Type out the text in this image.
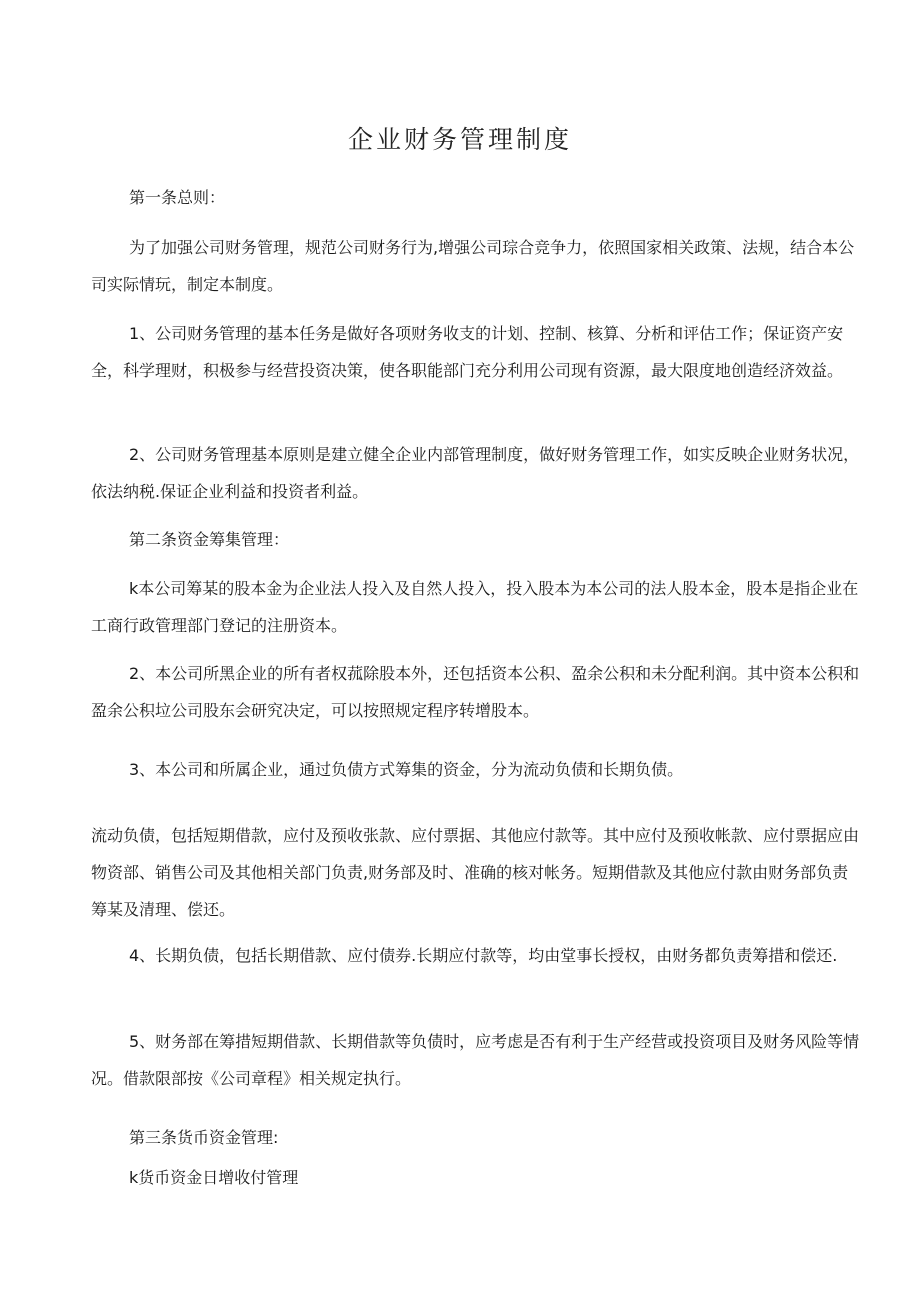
企业财务管理制度

第一条总则：

为了加强公司财务管理，规范公司财务行为,增强公司琮合竞争力，依照国家相关政策、法规，结合本公司实际情玩，制定本制度。

1、公司财务管理的基本任务是做好各项财务收支的计划、控制、核算、分析和评估工作；保证资产安全，科学理财，积极参与经营投资决策，使各职能部门充分利用公司现有资源，最大限度地创造经济效益。

2、公司财务管理基本原则是建立健全企业内部管理制度，做好财务管理工作，如实反映企业财务状况，依法纳税.保证企业利益和投资者利益。

第二条资金筹集管理：

k本公司筹某的股本金为企业法人投入及自然人投入，投入股本为本公司的法人股本金，股本是指企业在工商行政管理部门登记的注册资本。

2、本公司所黑企业的所有者权菰除股本外，还包括资本公积、盈余公积和未分配利润。其中资本公积和盈余公积垃公司股东会研究决定，可以按照规定程序转增股本。

3、本公司和所属企业，通过负债方式筹集的资金，分为流动负债和长期负债。

流动负债，包括短期借款，应付及预收张款、应付票据、其他应付款等。其中应付及预收帐款、应付票据应由物资部、销售公司及其他相关部门负责,财务部及时、准确的核对帐务。短期借款及其他应付款由财务部负责筹某及清理、偿还。

4、长期负债，包括长期借款、应付债券.长期应付款等，均由堂事长授权，由财务都负责筹措和偿还.

5、财务部在筹措短期借款、长期借款等负债时，应考虑是否有利于生产经营或投资项目及财务风险等情况。借款限部按《公司章程》相关规定执行。

第三条货币资金管理:

k货币资金日增收付管理
